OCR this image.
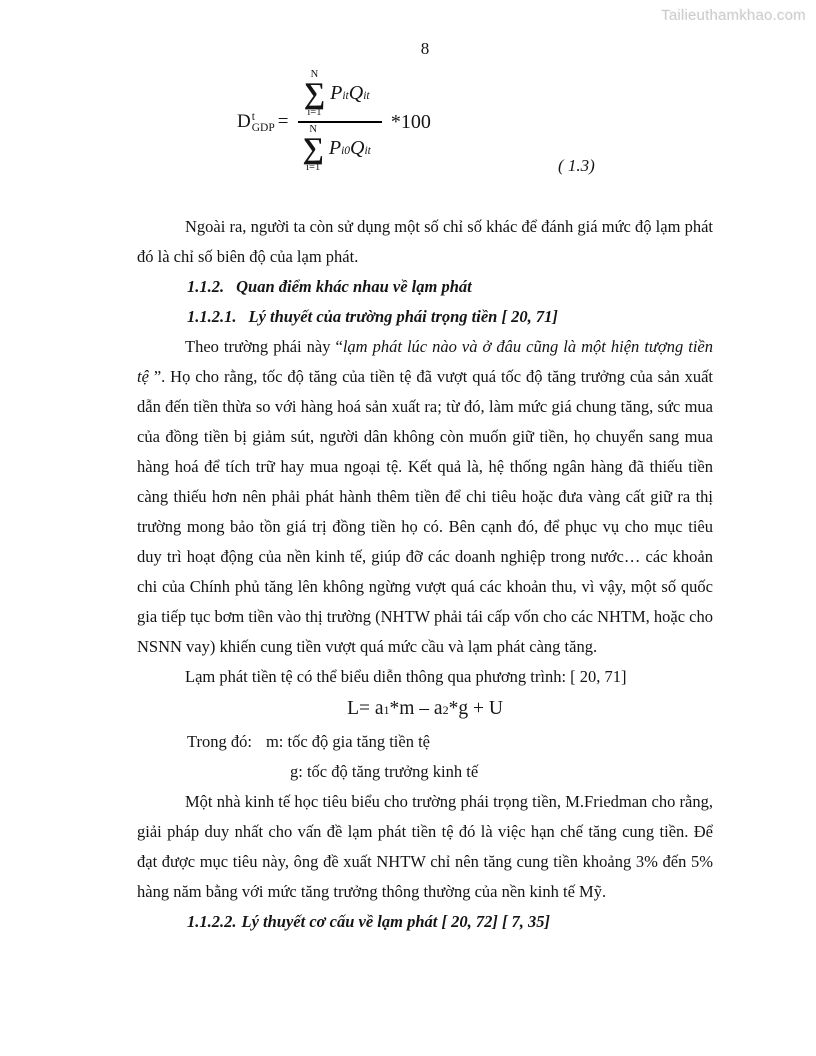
Tailieuthamkhao.com
8
D t
GDP =
N
∑
i=1
PitQit
N
∑
i=1
Pi0Qit
*100
( 1.3)

Ngoài ra, người ta còn sử dụng một số chỉ số khác để đánh giá mức độ lạm phát đó là chỉ số biên độ của lạm phát.

1.1.2. Quan điểm khác nhau về lạm phát
1.1.2.1. Lý thuyết của trường phái trọng tiền [ 20, 71]

Theo trường phái này “lạm phát lúc nào và ở đâu cũng là một hiện tượng tiền tệ ”. Họ cho rằng, tốc độ tăng của tiền tệ đã vượt quá tốc độ tăng trưởng của sản xuất dẫn đến tiền thừa so với hàng hoá sản xuất ra; từ đó, làm mức giá chung tăng, sức mua của đồng tiền bị giảm sút, người dân không còn muốn giữ tiền, họ chuyển sang mua hàng hoá để tích trữ hay mua ngoại tệ. Kết quả là, hệ thống ngân hàng đã thiếu tiền càng thiếu hơn nên phải phát hành thêm tiền để chi tiêu hoặc đưa vàng cất giữ ra thị trường mong bảo tồn giá trị đồng tiền họ có. Bên cạnh đó, để phục vụ cho mục tiêu duy trì hoạt động của nền kinh tế, giúp đỡ các doanh nghiệp trong nước… các khoản chi của Chính phủ tăng lên không ngừng vượt quá các khoản thu, vì vậy, một số quốc gia tiếp tục bơm tiền vào thị trường (NHTW phải tái cấp vốn cho các NHTM, hoặc cho NSNN vay) khiến cung tiền vượt quá mức cầu và lạm phát càng tăng.

Lạm phát tiền tệ có thể biểu diễn thông qua phương trình: [ 20, 71]

L= a1*m – a2*g + U
Trong đó: m: tốc độ gia tăng tiền tệ
g: tốc độ tăng trưởng kinh tế

Một nhà kinh tế học tiêu biểu cho trường phái trọng tiền, M.Friedman cho rằng, giải pháp duy nhất cho vấn đề lạm phát tiền tệ đó là việc hạn chế tăng cung tiền. Để đạt được mục tiêu này, ông đề xuất NHTW chỉ nên tăng cung tiền khoảng 3% đến 5% hàng năm bằng với mức tăng trưởng thông thường của nền kinh tế Mỹ.

1.1.2.2. Lý thuyết cơ cấu về lạm phát [ 20, 72] [ 7, 35]
